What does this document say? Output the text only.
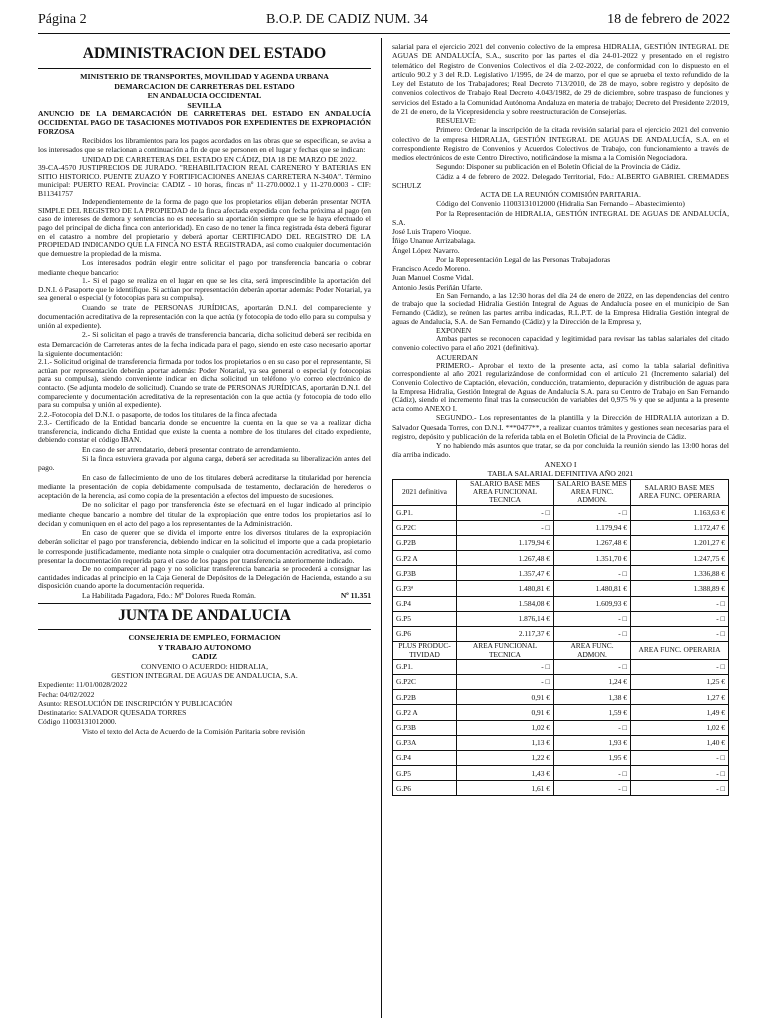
Página 2	B.O.P. DE CADIZ NUM. 34	18 de febrero de 2022
ADMINISTRACION DEL ESTADO
MINISTERIO DE TRANSPORTES, MOVILIDAD Y AGENDA URBANA
DEMARCACION DE CARRETERAS DEL ESTADO
EN ANDALUCIA OCCIDENTAL
SEVILLA

ANUNCIO DE LA DEMARCACIÓN DE CARRETERAS DEL ESTADO EN ANDALUCÍA OCCIDENTAL PAGO DE TASACIONES MOTIVADOS POR EXPEDIENTES DE EXPROPIACIÓN FORZOSA

Recibidos los libramientos para los pagos acordados en las obras que se especifican, se avisa a los interesados que se relacionan a continuación a fin de que se personen en el lugar y fechas que se indican:

UNIDAD DE CARRETERAS DEL ESTADO EN CÁDIZ, DIA 18 DE MARZO DE 2022.

39-CA-4570 JUSTIPRECIOS DE JURADO. "REHABILITACION REAL CARENERO Y BATERIAS EN SITIO HISTORICO. PUENTE ZUAZO Y FORTIFICACIONES ANEJAS CARRETERA N-340A". Término municipal: PUERTO REAL Provincia: CADIZ - 10 horas, fincas nº 11-270.0002.1 y 11-270.0003 - CIF: B11341757

Independientemente de la forma de pago que los propietarios elijan deberán presentar NOTA SIMPLE DEL REGISTRO DE LA PROPIEDAD de la finca afectada expedida con fecha próxima al pago (en caso de intereses de demora y sentencias no es necesario su aportación siempre que se le haya efectuado el pago del principal de dicha finca con anterioridad). En caso de no tener la finca registrada ésta deberá figurar en el catastro a nombre del propietario y deberá aportar CERTIFICADO DEL REGISTRO DE LA PROPIEDAD INDICANDO QUE LA FINCA NO ESTÁ REGISTRADA, así como cualquier documentación que demuestre la propiedad de la misma.

Los interesados podrán elegir entre solicitar el pago por transferencia bancaria o cobrar mediante cheque bancario:

1.- Si el pago se realiza en el lugar en que se les cita, será imprescindible la aportación del D.N.I. ó Pasaporte que le identifique. Si actúan por representación deberán aportar además: Poder Notarial, ya sea general o especial (y fotocopias para su compulsa).

Cuando se trate de PERSONAS JURÍDICAS, aportarán D.N.I. del compareciente y documentación acreditativa de la representación con la que actúa (y fotocopia de todo ello para su compulsa y unión al expediente).

2.- Si solicitan el pago a través de transferencia bancaria, dicha solicitud deberá ser recibida en esta Demarcación de Carreteras antes de la fecha indicada para el pago, siendo en este caso necesario aportar la siguiente documentación:

2.1.- Solicitud original de transferencia firmada por todos los propietarios o en su caso por el representante, Si actúan por representación deberán aportar además: Poder Notarial, ya sea general o especial (y fotocopias para su compulsa), siendo conveniente indicar en dicha solicitud un teléfono y/o correo electrónico de contacto. (Se adjunta modelo de solicitud). Cuando se trate de PERSONAS JURÍDICAS, aportarán D.N.I. del compareciente y documentación acreditativa de la representación con la que actúa (y fotocopia de todo ello para su compulsa y unión al expediente).

2.2.-Fotocopia del D.N.I. o pasaporte, de todos los titulares de la finca afectada

2.3.- Certificado de la Entidad bancaria donde se encuentre la cuenta en la que se va a realizar dicha transferencia, indicando dicha Entidad que existe la cuenta a nombre de los titulares del citado expediente, debiendo constar el código IBAN.

En caso de ser arrendatario, deberá presentar contrato de arrendamiento.

Si la finca estuviera gravada por alguna carga, deberá ser acreditada su liberalización antes del pago.

En caso de fallecimiento de uno de los titulares deberá acreditarse la titularidad por herencia mediante la presentación de copia debidamente compulsada de testamento, declaración de herederos o aceptación de la herencia, así como copia de la presentación a efectos del impuesto de sucesiones.

De no solicitar el pago por transferencia éste se efectuará en el lugar indicado al principio mediante cheque bancario a nombre del titular de la expropiación que entre todos los propietarios así lo decidan y comuniquen en el acto del pago a los representantes de la Administración.

En caso de querer que se divida el importe entre los diversos titulares de la expropiación deberán solicitar el pago por transferencia, debiendo indicar en la solicitud el importe que a cada propietario le corresponde justificadamente, mediante nota simple o cualquier otra documentación acreditativa, así como presentar la documentación requerida para el caso de los pagos por transferencia anteriormente indicado.

De no comparecer al pago y no solicitar transferencia bancaria se procederá a consignar las cantidades indicadas al principio en la Caja General de Depósitos de la Delegación de Hacienda, estando a su disposición cuando aporte la documentación requerida.

La Habilitada Pagadora, Fdo.: Mª Dolores Rueda Román.	Nº 11.351
JUNTA DE ANDALUCIA
CONSEJERIA DE EMPLEO, FORMACION
Y TRABAJO AUTONOMO
CADIZ
CONVENIO O ACUERDO: HIDRALIA,
GESTION INTEGRAL DE AGUAS DE ANDALUCIA, S.A.

Expediente: 11/01/0028/2022

Fecha: 04/02/2022

Asunto: RESOLUCIÓN DE INSCRIPCIÓN Y PUBLICACIÓN

Destinatario: SALVADOR QUESADA TORRES

Código 11003131012000.

Visto el texto del Acta de Acuerdo de la Comisión Paritaria sobre revisión

salarial para el ejercicio 2021 del convenio colectivo de la empresa HIDRALIA, GESTIÓN INTEGRAL DE AGUAS DE ANDALUCÍA, S.A., suscrito por las partes el día 24-01-2022 y presentado en el registro telemático del Registro de Convenios Colectivos el día 2-02-2022, de conformidad con lo dispuesto en el artículo 90.2 y 3 del R.D. Legislativo 1/1995, de 24 de marzo, por el que se aprueba el texto refundido de la Ley del Estatuto de los Trabajadores; Real Decreto 713/2010, de 28 de mayo, sobre registro y depósito de convenios colectivos de Trabajo Real Decreto 4.043/1982, de 29 de diciembre, sobre traspaso de funciones y servicios del Estado a la Comunidad Autónoma Andaluza en materia de trabajo; Decreto del Presidente 2/2019, de 21 de enero, de la Vicepresidencia y sobre reestructuración de Consejerías.

RESUELVE:

Primero: Ordenar la inscripción de la citada revisión salarial para el ejercicio 2021 del convenio colectivo de la empresa HIDRALIA, GESTIÓN INTEGRAL DE AGUAS DE ANDALUCÍA, S.A. en el correspondiente Registro de Convenios y Acuerdos Colectivos de Trabajo, con funcionamiento a través de medios electrónicos de este Centro Directivo, notificándose la misma a la Comisión Negociadora.

Segundo: Disponer su publicación en el Boletín Oficial de la Provincia de Cádiz.

Cádiz a 4 de febrero de 2022. Delegado Territorial, Fdo.: ALBERTO GABRIEL CREMADES SCHULZ

ACTA DE LA REUNIÓN COMISIÓN PARITARIA.

Código del Convenio 11003131012000 (Hidralia San Fernando – Abastecimiento)

Por la Representación de HIDRALIA, GESTIÓN INTEGRAL DE AGUAS DE ANDALUCÍA, S.A.

José Luis Trapero Vioque.

Íñigo Unanue Arrizabalaga.

Ángel López Navarro.

Por la Representación Legal de las Personas Trabajadoras

Francisco Acedo Moreno.

Juan Manuel Cosme Vidal.

Antonio Jesús Periñán Ufarte.

En San Fernando, a las 12:30 horas del día 24 de enero de 2022, en las dependencias del centro de trabajo que la sociedad Hidralia Gestión Integral de Aguas de Andalucía posee en el municipio de San Fernando (Cádiz), se reúnen las partes arriba indicadas, R.L.P.T. de la Empresa Hidralia Gestión integral de aguas de Andalucía, S.A. de San Fernando (Cádiz) y la Dirección de la Empresa y,

EXPONEN

Ambas partes se reconocen capacidad y legitimidad para revisar las tablas salariales del citado convenio colectivo para el año 2021 (definitiva).

ACUERDAN

PRIMERO.- Aprobar el texto de la presente acta, así como la tabla salarial definitiva correspondiente al año 2021 regularizándose de conformidad con el artículo 21 (Incremento salarial) del Convenio Colectivo de Captación, elevación, conducción, tratamiento, depuración y distribución de aguas para la Empresa Hidralia, Gestión Integral de Aguas de Andalucía S.A. para su Centro de Trabajo en San Fernando (Cádiz), siendo el incremento final tras la consecución de variables del 0,975 % y que se adjunta a la presente acta como ANEXO I.

SEGUNDO.- Los representantes de la plantilla y la Dirección de HIDRALIA autorizan a D. Salvador Quesada Torres, con D.N.I. ***0477**, a realizar cuantos trámites y gestiones sean necesarias para el registro, depósito y publicación de la referida tabla en el Boletín Oficial de la Provincia de Cádiz.

Y no habiendo más asuntos que tratar, se da por concluida la reunión siendo las 13:00 horas del día arriba indicado.

ANEXO I
TABLA SALARIAL DEFINITIVA AÑO 2021
2021 definitiva	SALARIO BASE MES AREA FUNCIONAL TECNICA	SALARIO BASE MES AREA FUNC. ADMON.	SALARIO BASE MES AREA FUNC. OPERARIA
G.P1.	- □	- □	1.163,63 €
G.P2C	- □	1.179,94 €	1.172,47 €
G.P2B	1.179,94 €	1.267,48 €	1.201,27 €
G.P2 A	1.267,48 €	1.351,70 €	1.247,75 €
G.P3B	1.357,47 €	- □	1.336,88 €
G.P3ª	1.480,81 €	1.480,81 €	1.388,89 €
G.P4	1.584,08 €	1.609,93 €	- □
G.P5	1.876,14 €	- □	- □
G.P6	2.117,37 €	- □	- □
PLUS PRODUC-TIVIDAD	AREA FUNCIONAL TECNICA	AREA FUNC. ADMON.	AREA FUNC. OPERARIA
G.P1.	- □	- □	- □
G.P2C	- □	1,24 €	1,25 €
G.P2B	0,91 €	1,38 €	1,27 €
G.P2 A	0,91 €	1,59 €	1,49 €
G.P3B	1,02 €	- □	1,02 €
G.P3A	1,13 €	1,93 €	1,40 €
G.P4	1,22 €	1,95 €	- □
G.P5	1,43 €	- □	- □
G.P6	1,61 €	- □	- □
